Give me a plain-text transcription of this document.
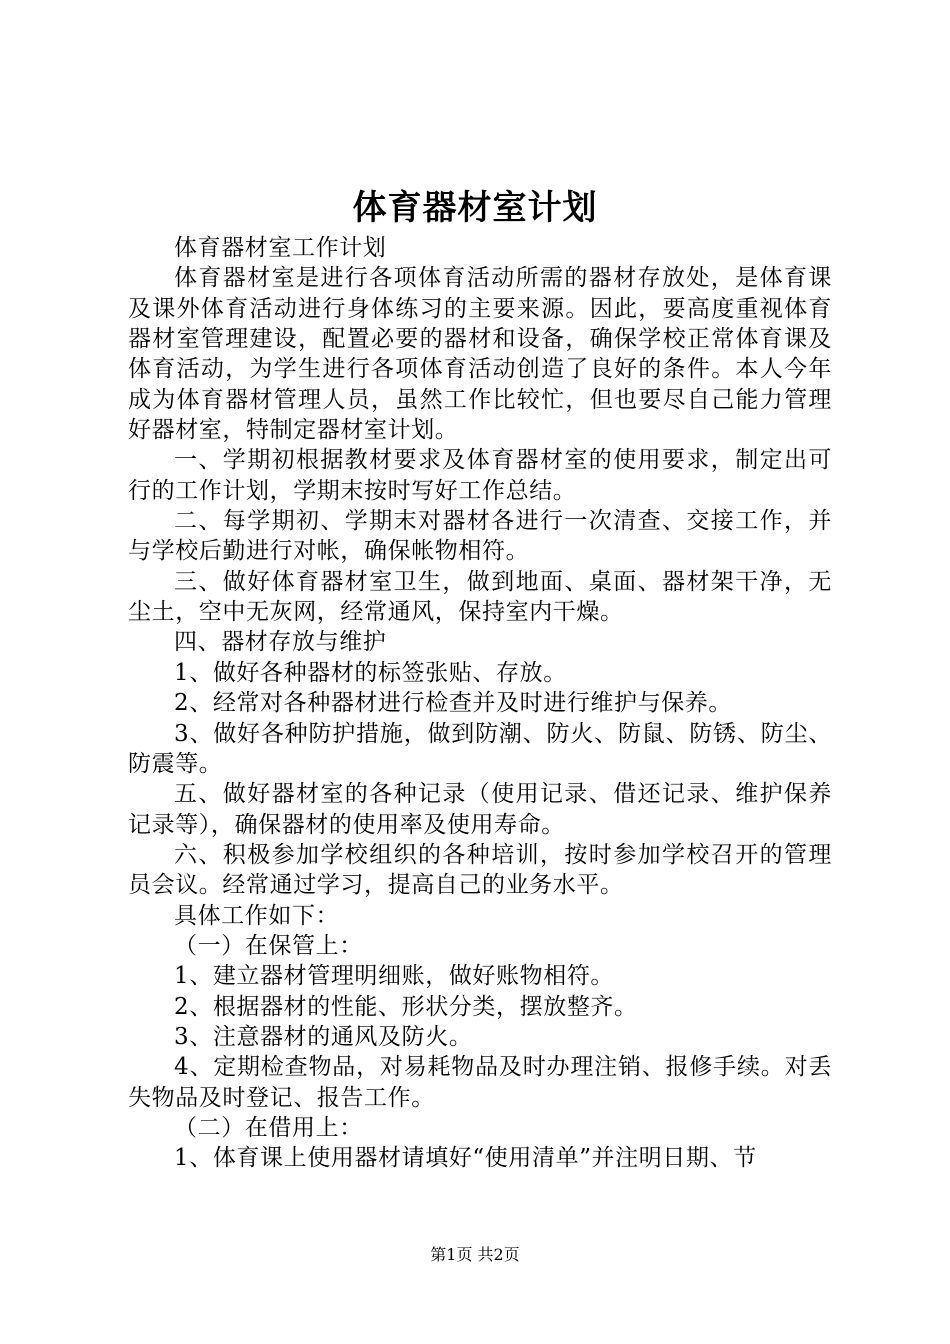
体育器材室计划

体育器材室工作计划

体育器材室是进行各项体育活动所需的器材存放处，是体育课及课外体育活动进行身体练习的主要来源。因此，要高度重视体育器材室管理建设，配置必要的器材和设备，确保学校正常体育课及体育活动，为学生进行各项体育活动创造了良好的条件。本人今年成为体育器材管理人员，虽然工作比较忙，但也要尽自己能力管理好器材室，特制定器材室计划。

一、学期初根据教材要求及体育器材室的使用要求，制定出可行的工作计划，学期末按时写好工作总结。

二、每学期初、学期末对器材各进行一次清查、交接工作，并与学校后勤进行对帐，确保帐物相符。

三、做好体育器材室卫生，做到地面、桌面、器材架干净，无尘土，空中无灰网，经常通风，保持室内干燥。

四、器材存放与维护

1、做好各种器材的标签张贴、存放。

2、经常对各种器材进行检查并及时进行维护与保养。

3、做好各种防护措施，做到防潮、防火、防鼠、防锈、防尘、防震等。

五、做好器材室的各种记录（使用记录、借还记录、维护保养记录等），确保器材的使用率及使用寿命。

六、积极参加学校组织的各种培训，按时参加学校召开的管理员会议。经常通过学习，提高自己的业务水平。

具体工作如下：

（一）在保管上：

1、建立器材管理明细账，做好账物相符。

2、根据器材的性能、形状分类，摆放整齐。

3、注意器材的通风及防火。

4、定期检查物品，对易耗物品及时办理注销、报修手续。对丢失物品及时登记、报告工作。

（二）在借用上：

1、体育课上使用器材请填好“使用清单”并注明日期、节

第1页 共2页
